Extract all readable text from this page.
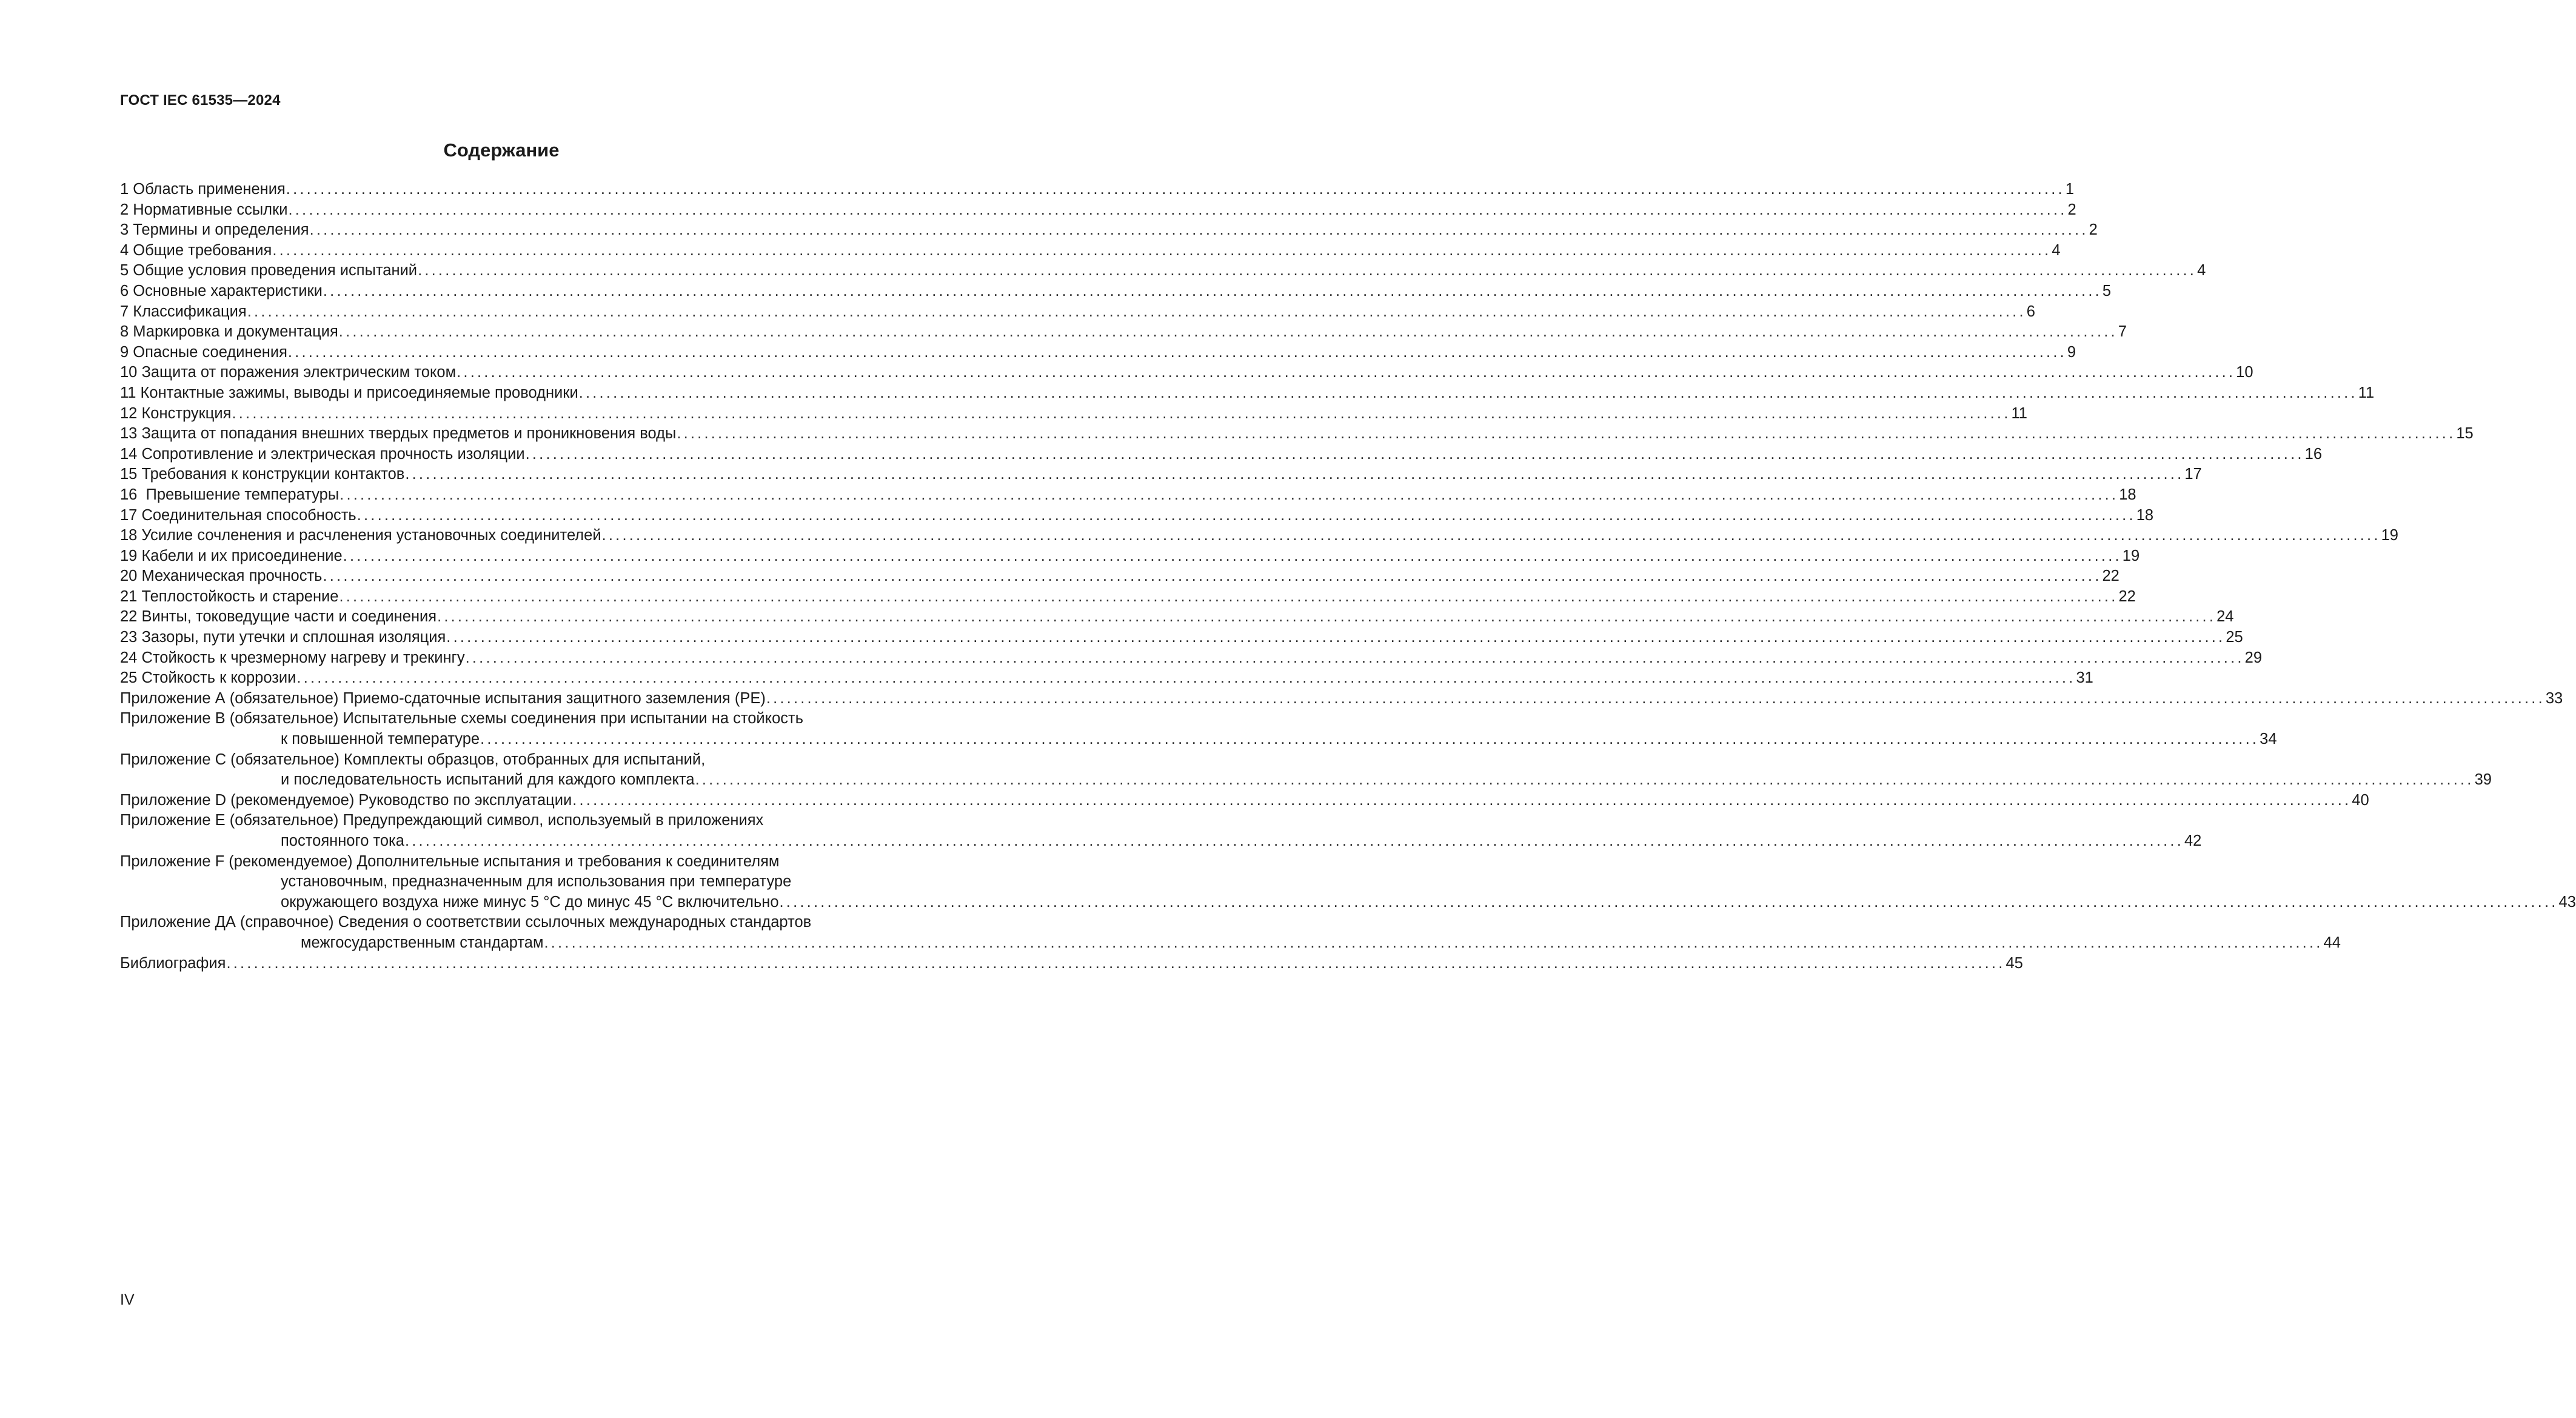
ГОСТ IEC 61535—2024
Содержание
1 Область применения .................................................................................................................................................................................................................................................................... 1
2 Нормативные ссылки .................................................................................................................................................................................................................................................................... 2
3 Термины и определения .................................................................................................................................................................................................................................................................... 2
4 Общие требования .................................................................................................................................................................................................................................................................... 4
5 Общие условия проведения испытаний .................................................................................................................................................................................................................................................................... 4
6 Основные характеристики .................................................................................................................................................................................................................................................................... 5
7 Классификация .................................................................................................................................................................................................................................................................... 6
8 Маркировка и документация .................................................................................................................................................................................................................................................................... 7
9 Опасные соединения .................................................................................................................................................................................................................................................................... 9
10 Защита от поражения электрическим током .................................................................................................................................................................................................................................................................... 10
11 Контактные зажимы, выводы и присоединяемые проводники .................................................................................................................................................................................................................................................................... 11
12 Конструкция .................................................................................................................................................................................................................................................................... 11
13 Защита от попадания внешних твердых предметов и проникновения воды .................................................................................................................................................................................................................................................................... 15
14 Сопротивление и электрическая прочность изоляции .................................................................................................................................................................................................................................................................... 16
15 Требования к конструкции контактов .................................................................................................................................................................................................................................................................... 17
16  Превышение температуры .................................................................................................................................................................................................................................................................... 18
17 Соединительная способность .................................................................................................................................................................................................................................................................... 18
18 Усилие сочленения и расчленения установочных соединителей .................................................................................................................................................................................................................................................................... 19
19 Кабели и их присоединение .................................................................................................................................................................................................................................................................... 19
20 Механическая прочность .................................................................................................................................................................................................................................................................... 22
21 Теплостойкость и старение .................................................................................................................................................................................................................................................................... 22
22 Винты, токоведущие части и соединения .................................................................................................................................................................................................................................................................... 24
23 Зазоры, пути утечки и сплошная изоляция .................................................................................................................................................................................................................................................................... 25
24 Стойкость к чрезмерному нагреву и трекингу .................................................................................................................................................................................................................................................................... 29
25 Стойкость к коррозии .................................................................................................................................................................................................................................................................... 31
Приложение А (обязательное) Приемо-сдаточные испытания защитного заземления (PE) .................................................................................................................................................................................................................................................................... 33
Приложение В (обязательное) Испытательные схемы соединения при испытании на стойкость
к повышенной температуре .................................................................................................................................................................................................................................................................... 34
Приложение С (обязательное) Комплекты образцов, отобранных для испытаний,
и последовательность испытаний для каждого комплекта .................................................................................................................................................................................................................................................................... 39
Приложение D (рекомендуемое) Руководство по эксплуатации .................................................................................................................................................................................................................................................................... 40
Приложение Е (обязательное) Предупреждающий символ, используемый в приложениях
постоянного тока .................................................................................................................................................................................................................................................................... 42
Приложение F (рекомендуемое) Дополнительные испытания и требования к соединителям
установочным, предназначенным для использования при температуре
окружающего воздуха ниже минус 5 °С до минус 45 °С включительно .................................................................................................................................................................................................................................................................... 43
Приложение ДА (справочное) Сведения о соответствии ссылочных международных стандартов
межгосударственным стандартам .................................................................................................................................................................................................................................................................... 44
Библиография .................................................................................................................................................................................................................................................................... 45
IV
